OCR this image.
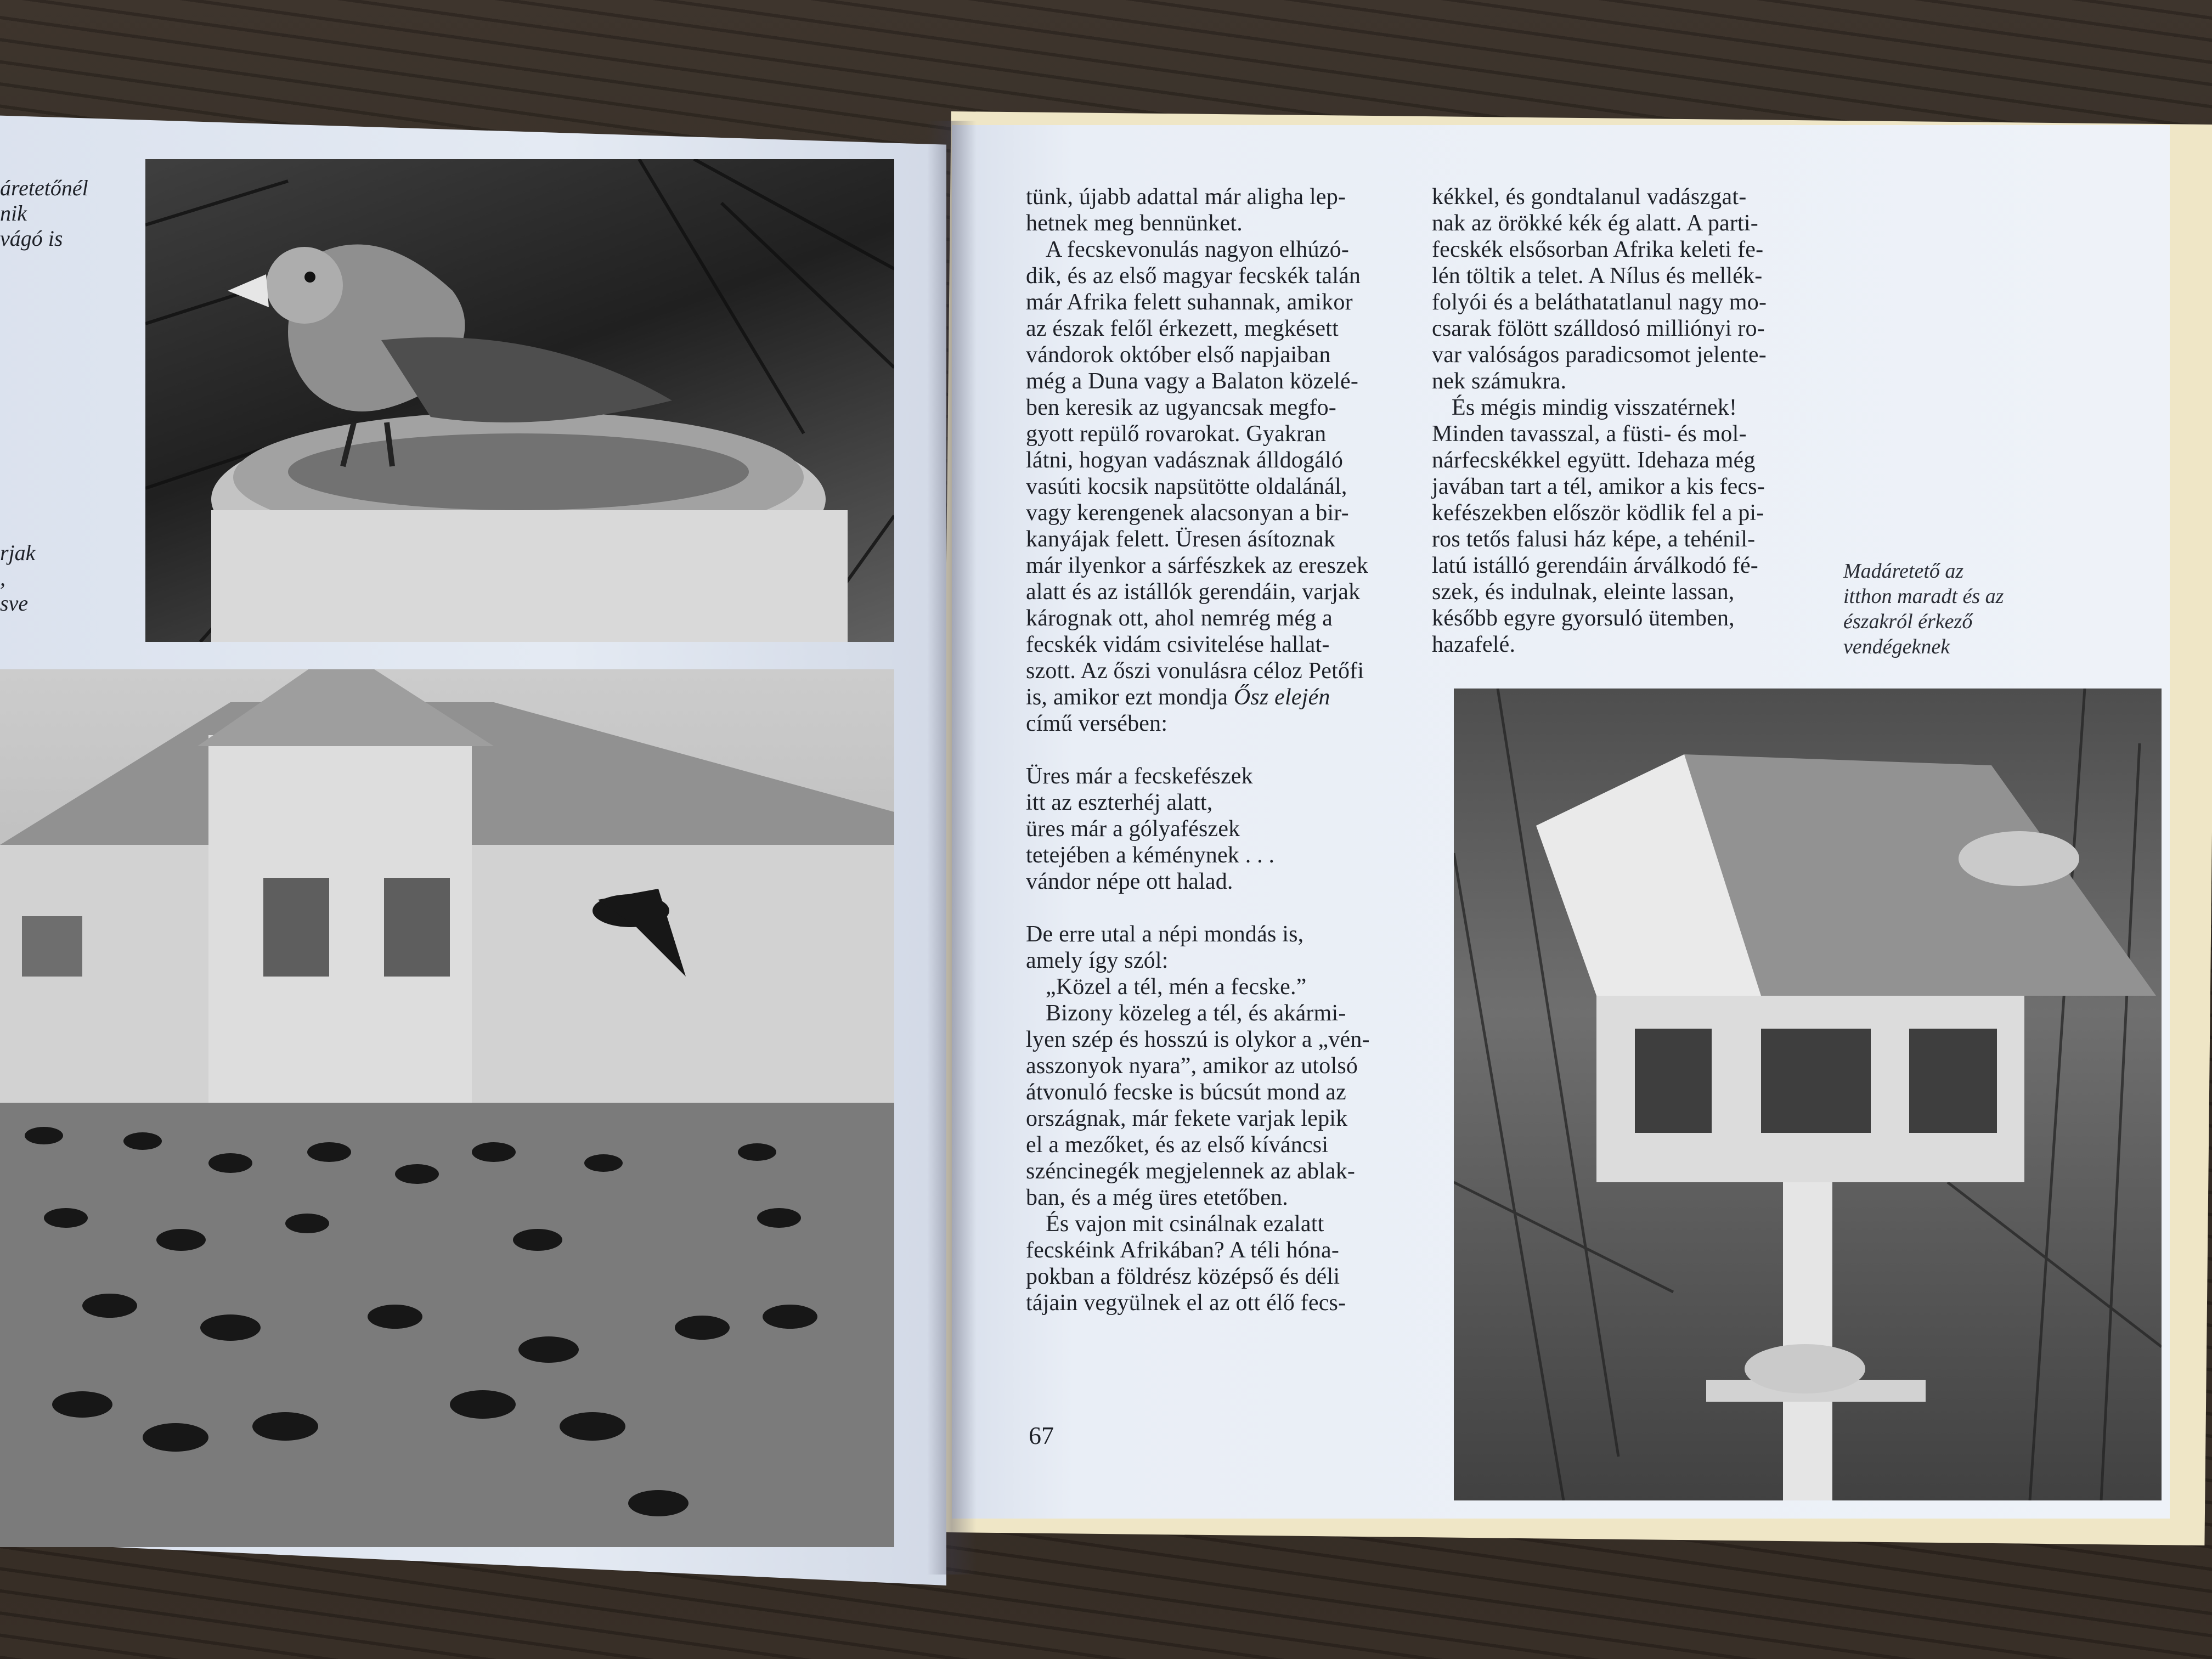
áretetőnél
nik
vágó is
rjak
,
sve
tünk, újabb adattal már aligha lep-
hetnek meg bennünket.
A fecskevonulás nagyon elhúzó-
dik, és az első magyar fecskék talán
már Afrika felett suhannak, amikor
az észak felől érkezett, megkésett
vándorok október első napjaiban
még a Duna vagy a Balaton közelé-
ben keresik az ugyancsak megfo-
gyott repülő rovarokat. Gyakran
látni, hogyan vadásznak álldogáló
vasúti kocsik napsütötte oldalánál,
vagy kerengenek alacsonyan a bir-
kanyájak felett. Üresen ásítoznak
már ilyenkor a sárfészkek az ereszek
alatt és az istállók gerendáin, varjak
kárognak ott, ahol nemrég még a
fecskék vidám csivitelése hallat-
szott. Az őszi vonulásra céloz Petőfi
is, amikor ezt mondja Ősz elején
című versében:
Üres már a fecskefészek
itt az eszterhéj alatt,
üres már a gólyafészek
tetejében a kéménynek . . .
vándor népe ott halad.
De erre utal a népi mondás is,
amely így szól:
„Közel a tél, mén a fecske.”
Bizony közeleg a tél, és akármi-
lyen szép és hosszú is olykor a „vén-
asszonyok nyara”, amikor az utolsó
átvonuló fecske is búcsút mond az
országnak, már fekete varjak lepik
el a mezőket, és az első kíváncsi
széncinegék megjelennek az ablak-
ban, és a még üres etetőben.
És vajon mit csinálnak ezalatt
fecskéink Afrikában? A téli hóna-
pokban a földrész középső és déli
tájain vegyülnek el az ott élő fecs-
kékkel, és gondtalanul vadászgat-
nak az örökké kék ég alatt. A parti-
fecskék elsősorban Afrika keleti fe-
lén töltik a telet. A Nílus és mellék-
folyói és a beláthatatlanul nagy mo-
csarak fölött szálldosó milliónyi ro-
var valóságos paradicsomot jelente-
nek számukra.
És mégis mindig visszatérnek!
Minden tavasszal, a füsti- és mol-
nárfecskékkel együtt. Idehaza még
javában tart a tél, amikor a kis fecs-
kefészekben először ködlik fel a pi-
ros tetős falusi ház képe, a tehénil-
latú istálló gerendáin árválkodó fé-
szek, és indulnak, eleinte lassan,
később egyre gyorsuló ütemben,
hazafelé.
Madáretető az
itthon maradt és az
északról érkező
vendégeknek
67
